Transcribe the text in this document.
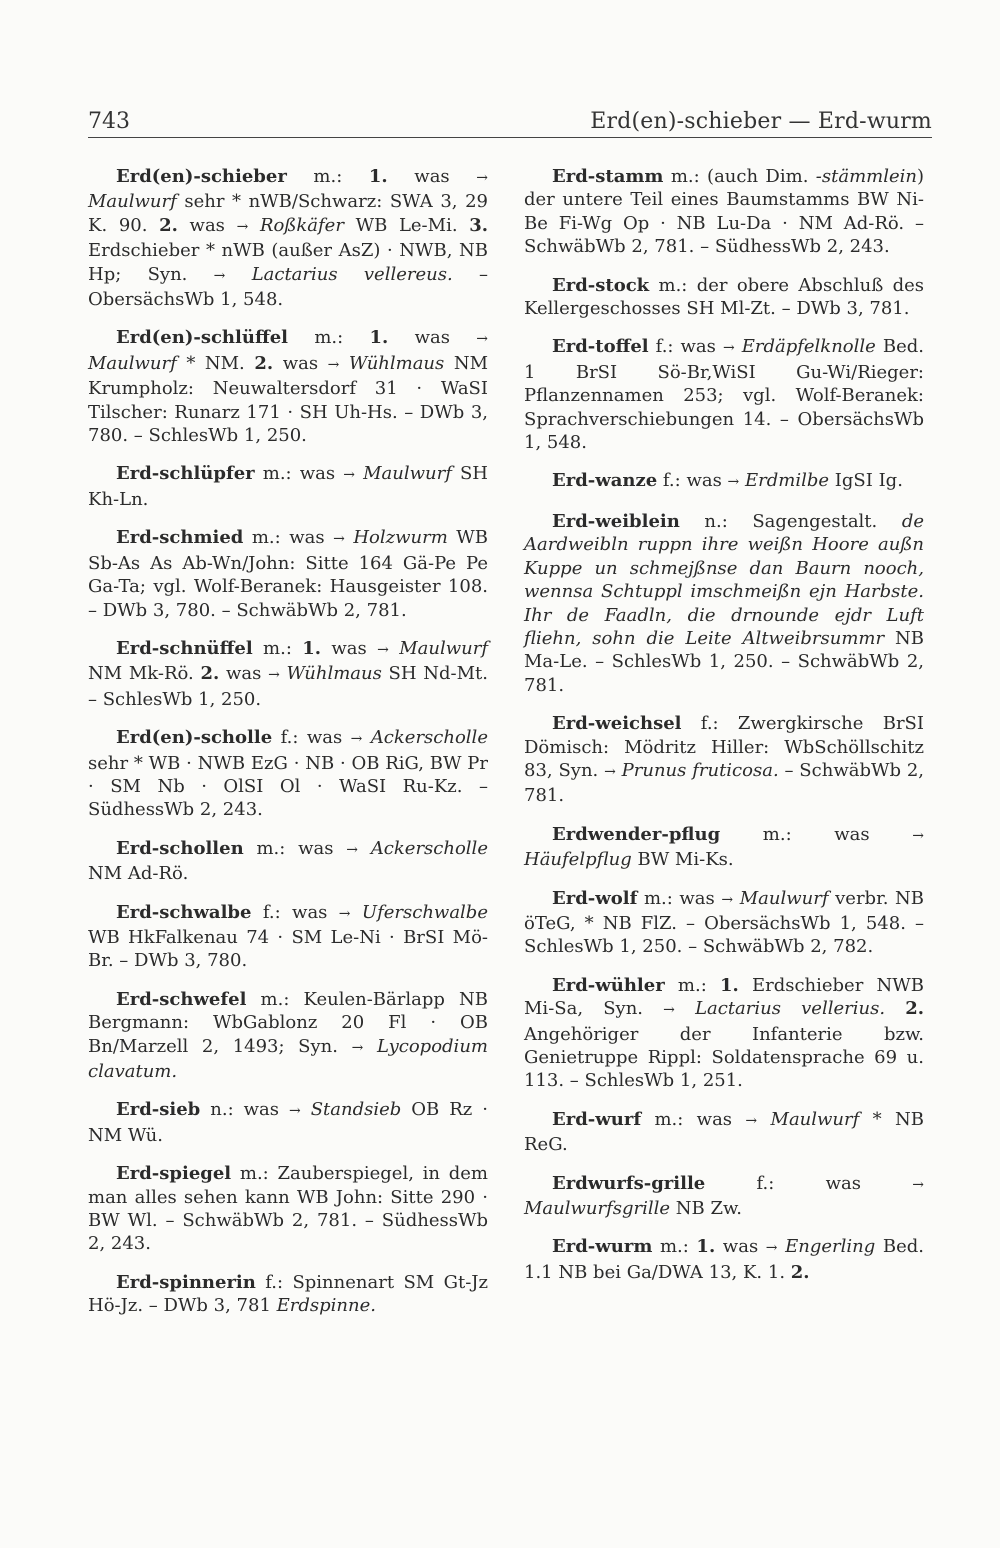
743	Erd(en)-schieber — Erd-wurm

Erd(en)-schieber m.: 1. was → Maulwurf sehr * nWB/Schwarz: SWA 3, 29 K. 90. 2. was → Roßkäfer WB Le-Mi. 3. Erdschieber * nWB (außer AsZ) · NWB, NB Hp; Syn. → Lactarius vellereus. – ObersächsWb 1, 548.

Erd(en)-schlüffel m.: 1. was → Maulwurf * NM. 2. was → Wühlmaus NM Krumpholz: Neuwaltersdorf 31 · WaSI Tilscher: Runarz 171 · SH Uh-Hs. – DWb 3, 780. – SchlesWb 1, 250.

Erd-schlüpfer m.: was → Maulwurf SH Kh-Ln.

Erd-schmied m.: was → Holzwurm WB Sb-As As Ab-Wn/John: Sitte 164 Gä-Pe Pe Ga-Ta; vgl. Wolf-Beranek: Hausgeister 108. – DWb 3, 780. – SchwäbWb 2, 781.

Erd-schnüffel m.: 1. was → Maulwurf NM Mk-Rö. 2. was → Wühlmaus SH Nd-Mt. – SchlesWb 1, 250.

Erd(en)-scholle f.: was → Ackerscholle sehr * WB · NWB EzG · NB · OB RiG, BW Pr · SM Nb · OlSI Ol · WaSI Ru-Kz. – SüdhessWb 2, 243.

Erd-schollen m.: was → Ackerscholle NM Ad-Rö.

Erd-schwalbe f.: was → Uferschwalbe WB HkFalkenau 74 · SM Le-Ni · BrSI Mö-Br. – DWb 3, 780.

Erd-schwefel m.: Keulen-Bärlapp NB Bergmann: WbGablonz 20 Fl · OB Bn/Marzell 2, 1493; Syn. → Lycopodium clavatum.

Erd-sieb n.: was → Standsieb OB Rz · NM Wü.

Erd-spiegel m.: Zauberspiegel, in dem man alles sehen kann WB John: Sitte 290 · BW Wl. – SchwäbWb 2, 781. – SüdhessWb 2, 243.

Erd-spinnerin f.: Spinnenart SM Gt-Jz Hö-Jz. – DWb 3, 781 Erdspinne.

Erd-stamm m.: (auch Dim. -stämmlein) der untere Teil eines Baumstamms BW Ni-Be Fi-Wg Op · NB Lu-Da · NM Ad-Rö. – SchwäbWb 2, 781. – SüdhessWb 2, 243.

Erd-stock m.: der obere Abschluß des Kellergeschosses SH Ml-Zt. – DWb 3, 781.

Erd-toffel f.: was → Erdäpfelknolle Bed. 1 BrSI Sö-Br,WiSI Gu-Wi/Rieger: Pflanzennamen 253; vgl. Wolf-Beranek: Sprachverschiebungen 14. – ObersächsWb 1, 548.

Erd-wanze f.: was → Erdmilbe IgSI Ig.

Erd-weiblein n.: Sagengestalt. de Aardweibln ruppn ihre weißn Hoore außn Kuppe un schmejßnse dan Baurn nooch, wennsa Schtuppl imschmeißn ejn Harbste. Ihr de Faadln, die drnounde ejdr Luft fliehn, sohn die Leite Altweibrsummr NB Ma-Le. – SchlesWb 1, 250. – SchwäbWb 2, 781.

Erd-weichsel f.: Zwergkirsche BrSI Dömisch: Mödritz Hiller: WbSchöllschitz 83, Syn. → Prunus fruticosa. – SchwäbWb 2, 781.

Erdwender-pflug m.: was → Häufelpflug BW Mi-Ks.

Erd-wolf m.: was → Maulwurf verbr. NB öTeG, * NB FlZ. – ObersächsWb 1, 548. – SchlesWb 1, 250. – SchwäbWb 2, 782.

Erd-wühler m.: 1. Erdschieber NWB Mi-Sa, Syn. → Lactarius vellerius. 2. Angehöriger der Infanterie bzw. Genietruppe Rippl: Soldatensprache 69 u. 113. – SchlesWb 1, 251.

Erd-wurf m.: was → Maulwurf * NB ReG.

Erdwurfs-grille f.: was → Maulwurfsgrille NB Zw.

Erd-wurm m.: 1. was → Engerling Bed. 1.1 NB bei Ga/DWA 13, K. 1. 2.
